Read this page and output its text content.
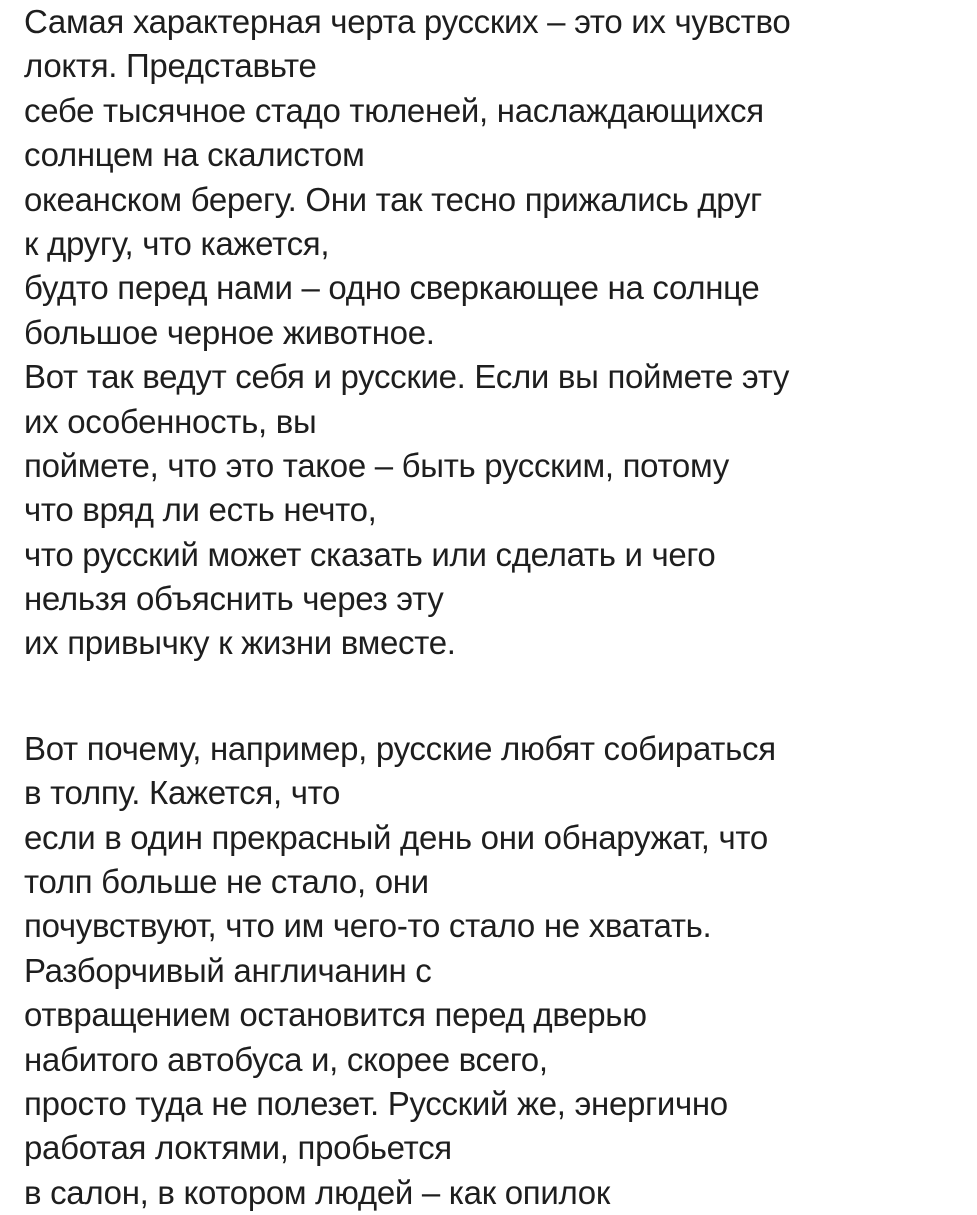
Самая характерная черта русских – это их чувство
локтя. Представьте
себе тысячное стадо тюленей, наслаждающихся
солнцем на скалистом
океанском берегу. Они так тесно прижались друг
к другу, что кажется,
будто перед нами – одно сверкающее на солнце
большое черное животное.
Вот так ведут себя и русские. Если вы поймете эту
их особенность, вы
поймете, что это такое – быть русским, потому
что вряд ли есть нечто,
что русский может сказать или сделать и чего
нельзя объяснить через эту
их привычку к жизни вместе.
Вот почему, например, русские любят собираться
в толпу. Кажется, что
если в один прекрасный день они обнаружат, что
толп больше не стало, они
почувствуют, что им чего-то стало не хватать.
Разборчивый англичанин с
отвращением остановится перед дверью
набитого автобуса и, скорее всего,
просто туда не полезет. Русский же, энергично
работая локтями, пробьется
в салон, в котором людей – как опилок
